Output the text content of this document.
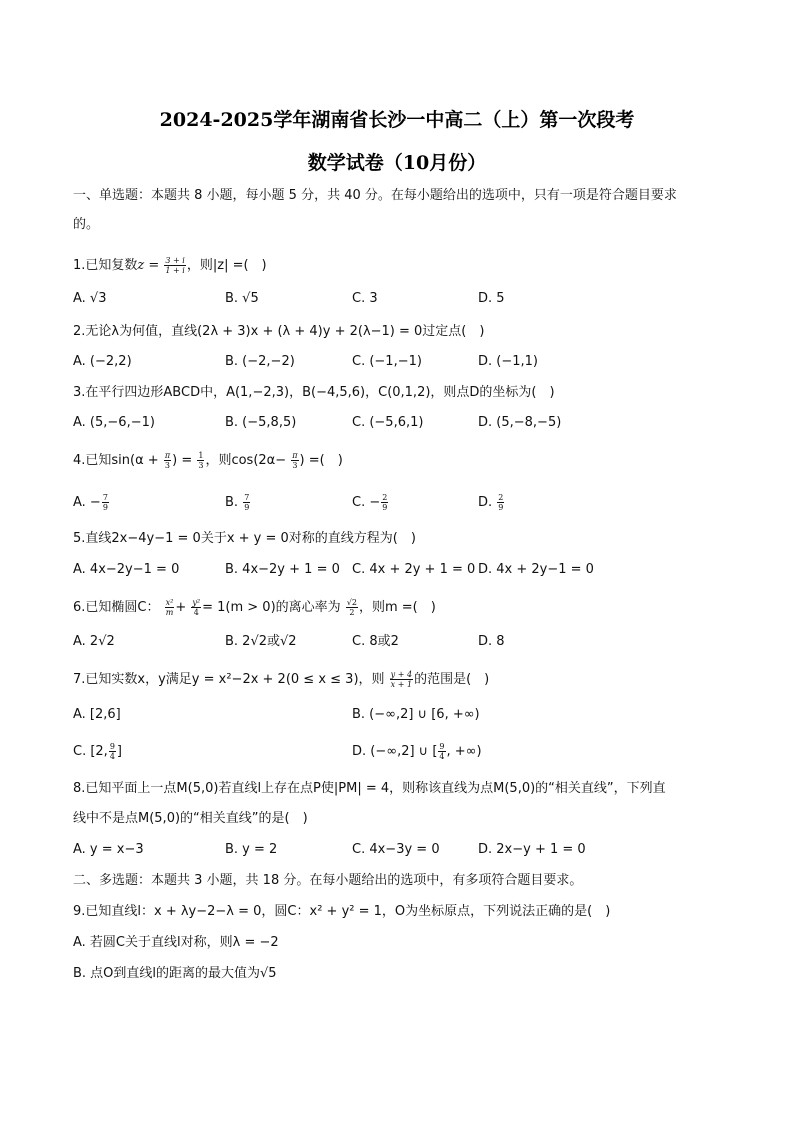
2024-2025学年湖南省长沙一中高二（上）第一次段考
数学试卷（10月份）
一、单选题：本题共 8 小题，每小题 5 分，共 40 分。在每小题给出的选项中，只有一项是符合题目要求
的。
1.已知复数$z = \frac{3 + i}{1 + i}$ ，则|z| =(　)
A. √3	B. √5	C. 3	D. 5
2.无论λ为何值，直线(2λ + 3)x + (λ + 4)y + 2(λ−1) = 0过定点(　)
A. (−2,2)	B. (−2,−2)	C. (−1,−1)	D. (−1,1)
3.在平行四边形ABCD中，A(1,−2,3)，B(−4,5,6)，C(0,1,2)，则点D的坐标为(　)
A. (5,−6,−1)	B. (−5,8,5)	C. (−5,6,1)	D. (5,−8,−5)
4.已知$\sin(\alpha + \frac{\pi}{3}$ ) = $\frac{1}{3}$ ，则$\cos(2\alpha- \frac{\pi}{3}$ ) =(　)
A. − $\frac{7}{9}$	B. $\frac{7}{9}$	C. − $\frac{2}{9}$	D. $\frac{2}{9}$
5.直线2x−4y−1 = 0关于x + y = 0对称的直线方程为(　)
A. 4x−2y−1 = 0	B. 4x−2y + 1 = 0 C. 4x + 2y + 1 = 0 D. 4x + 2y−1 = 0
6.已知椭圆C： $\frac{\text{x²}}{m} + \frac{\text{y²}}{4} = 1(m > 0)$的离心率为 $\frac{√2}{2}$ ，则m =(　)
A. 2√2	B. 2√2或√2	C. 8或2	D. 8
7.已知实数x，y满足y = x²−2x + 2(0 ≤ x ≤ 3)，则 $\frac{y + 4}{x + 1}$ 的范围是(　)
A. [2,6]	B. (−∞,2] ∪ [6, +∞)
C. [2, $\frac{9}{4}$ ]	D. (−∞,2] ∪ [ $\frac{9}{4}$ , +∞)
8.已知平面上一点M(5,0)若直线l上存在点P使|PM| = 4，则称该直线为点M(5,0)的“相关直线”，下列直
线中不是点M(5,0)的“相关直线”的是(　)
A. y = x−3	B. y = 2	C. 4x−3y = 0	D. 2x−y + 1 = 0
二、多选题：本题共 3 小题，共 18 分。在每小题给出的选项中，有多项符合题目要求。
9.已知直线l：x + λy−2−λ = 0，圆C：x² + y² = 1，O为坐标原点，下列说法正确的是(　)
A. 若圆C关于直线l对称，则λ = −2
B. 点O到直线l的距离的最大值为√5
